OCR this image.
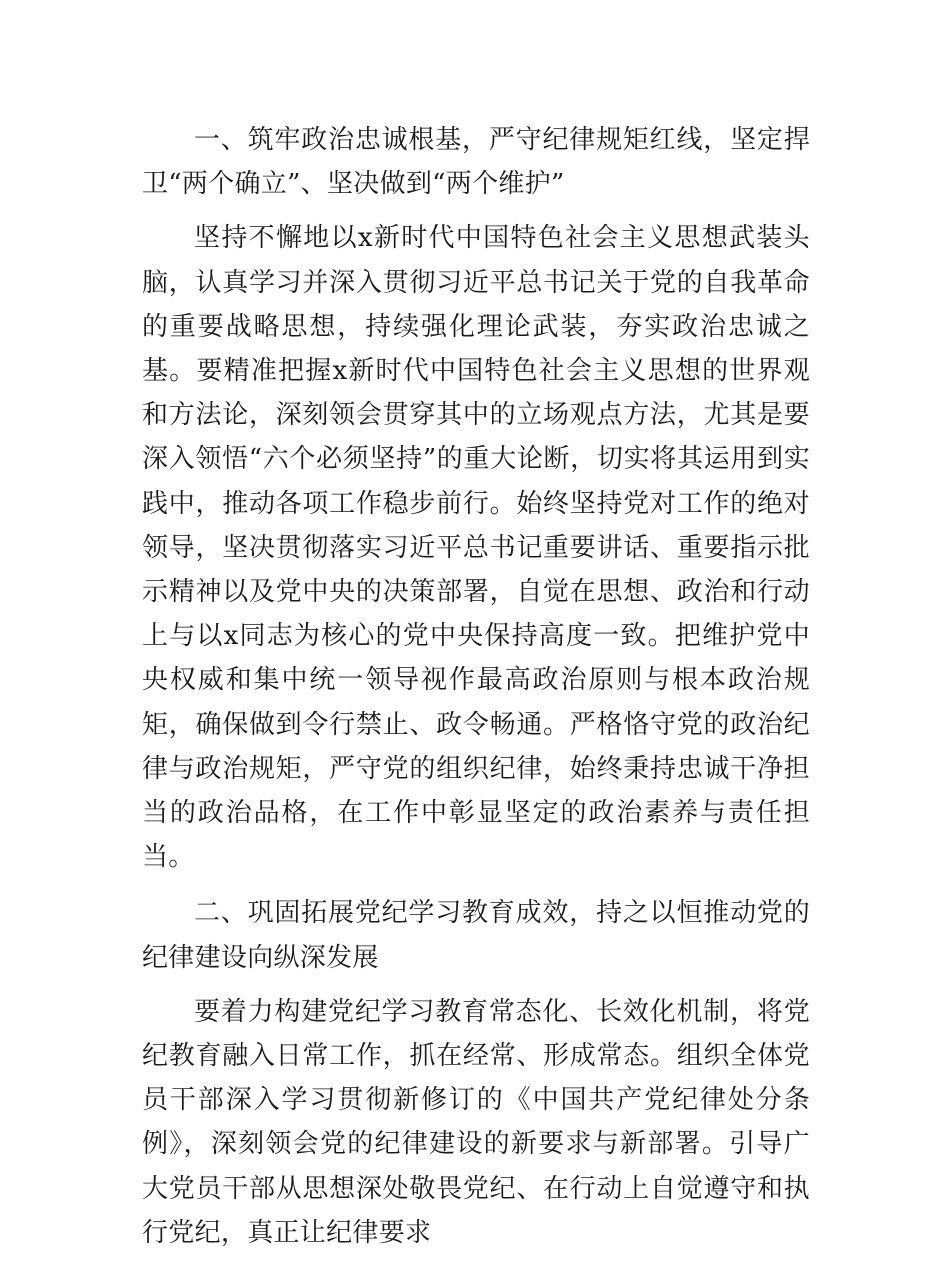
一、筑牢政治忠诚根基，严守纪律规矩红线，坚定捍卫“两个确立”、坚决做到“两个维护”

坚持不懈地以x新时代中国特色社会主义思想武装头脑，认真学习并深入贯彻习近平总书记关于党的自我革命的重要战略思想，持续强化理论武装，夯实政治忠诚之基。要精准把握x新时代中国特色社会主义思想的世界观和方法论，深刻领会贯穿其中的立场观点方法，尤其是要深入领悟“六个必须坚持”的重大论断，切实将其运用到实践中，推动各项工作稳步前行。始终坚持党对工作的绝对领导，坚决贯彻落实习近平总书记重要讲话、重要指示批示精神以及党中央的决策部署，自觉在思想、政治和行动上与以x同志为核心的党中央保持高度一致。把维护党中央权威和集中统一领导视作最高政治原则与根本政治规矩，确保做到令行禁止、政令畅通。严格恪守党的政治纪律与政治规矩，严守党的组织纪律，始终秉持忠诚干净担当的政治品格，在工作中彰显坚定的政治素养与责任担当。

二、巩固拓展党纪学习教育成效，持之以恒推动党的纪律建设向纵深发展

要着力构建党纪学习教育常态化、长效化机制，将党纪教育融入日常工作，抓在经常、形成常态。组织全体党员干部深入学习贯彻新修订的《中国共产党纪律处分条例》，深刻领会党的纪律建设的新要求与新部署。引导广大党员干部从思想深处敬畏党纪、在行动上自觉遵守和执行党纪，真正让纪律要求
